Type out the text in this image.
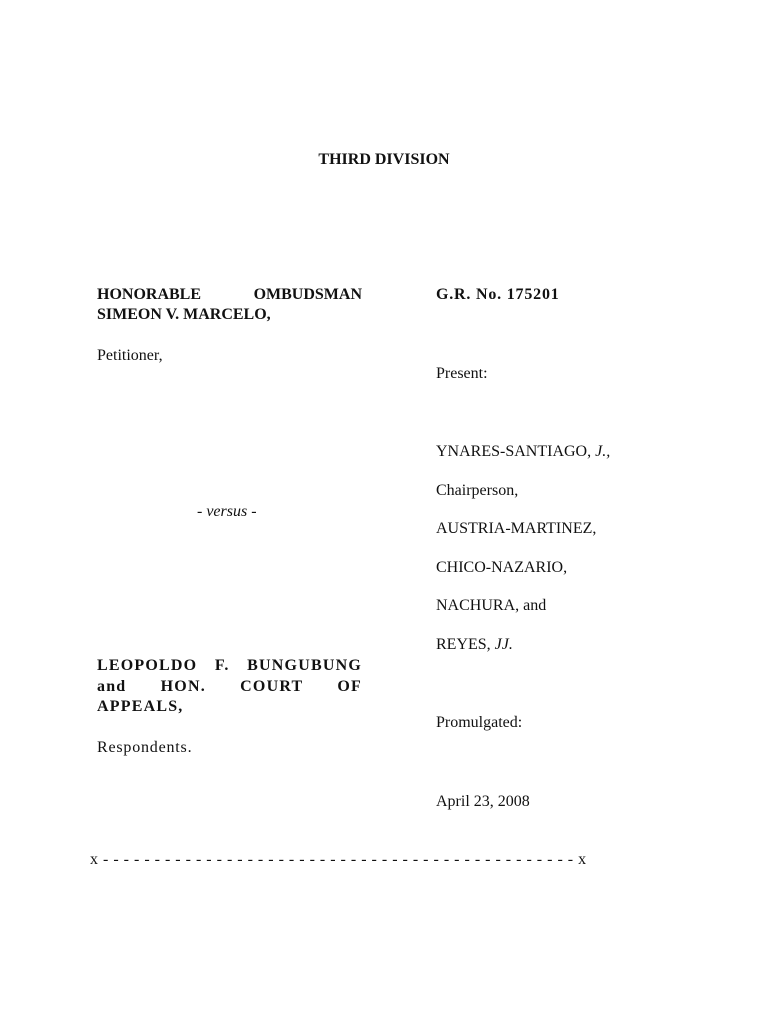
THIRD DIVISION
HONORABLE OMBUDSMAN SIMEON V. MARCELO,
Petitioner,
- versus -
LEOPOLDO F. BUNGUBUNG and HON. COURT OF APPEALS,
Respondents.
G.R. No. 175201
Present:
YNARES-SANTIAGO, J.,
Chairperson,
AUSTRIA-MARTINEZ,
CHICO-NAZARIO,
NACHURA, and
REYES, JJ.
Promulgated:
April 23, 2008
x - - - - - - - - - - - - - - - - - - - - - - - - - - - - - - - - - - - - - - - - - - - - - - x
